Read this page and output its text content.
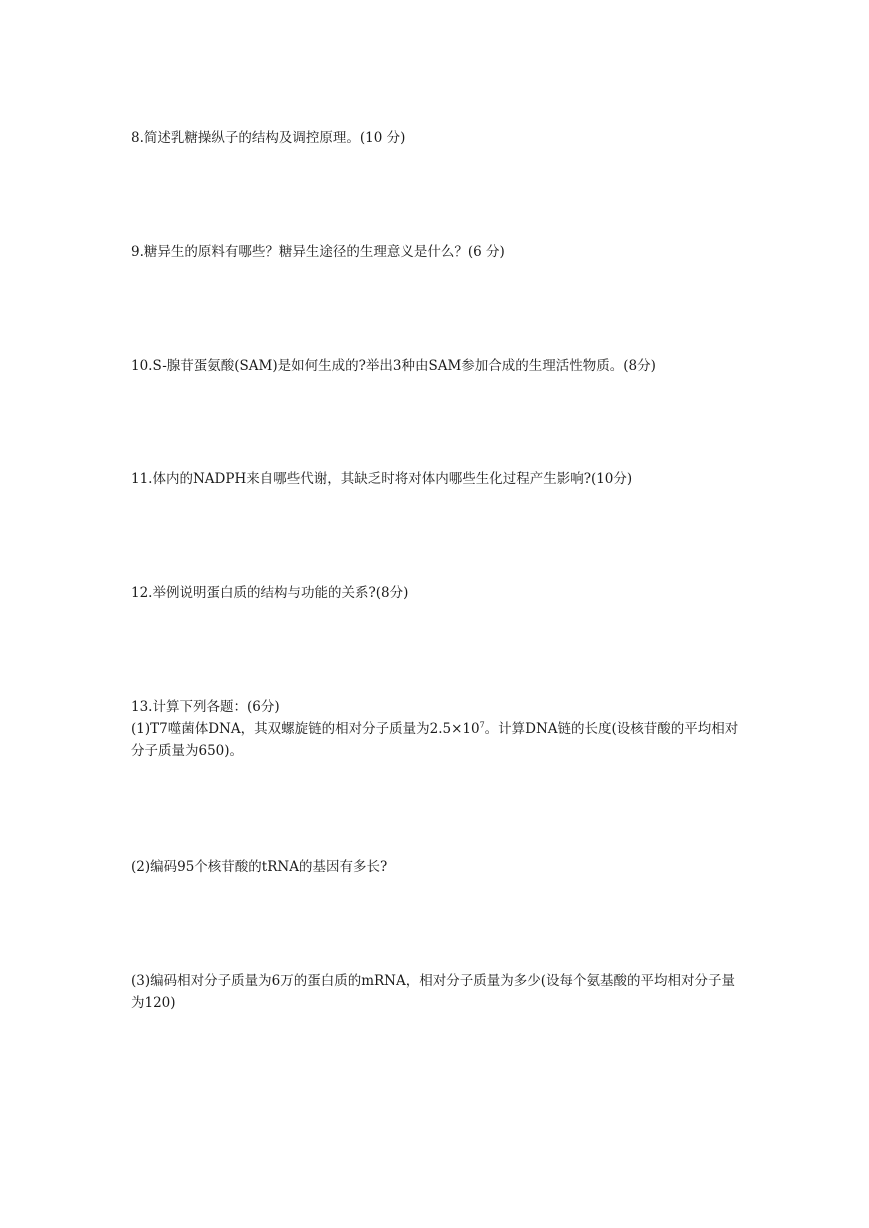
8.简述乳糖操纵子的结构及调控原理。(10 分)

9.糖异生的原料有哪些？糖异生途径的生理意义是什么？(6 分)

10.S-腺苷蛋氨酸(SAM)是如何生成的?举出3种由SAM参加合成的生理活性物质。(8分)

11.体内的NADPH来自哪些代谢，其缺乏时将对体内哪些生化过程产生影响?(10分)

12.举例说明蛋白质的结构与功能的关系?(8分)

13.计算下列各题：(6分)

(1)T7噬菌体DNA，其双螺旋链的相对分子质量为$2.5\times 10^7$。计算DNA链的长度(设核苷酸的平均相对分子质量为650)。

(2)编码95个核苷酸的tRNA的基因有多长?

(3)编码相对分子质量为6万的蛋白质的mRNA，相对分子质量为多少(设每个氨基酸的平均相对分子量为120)
